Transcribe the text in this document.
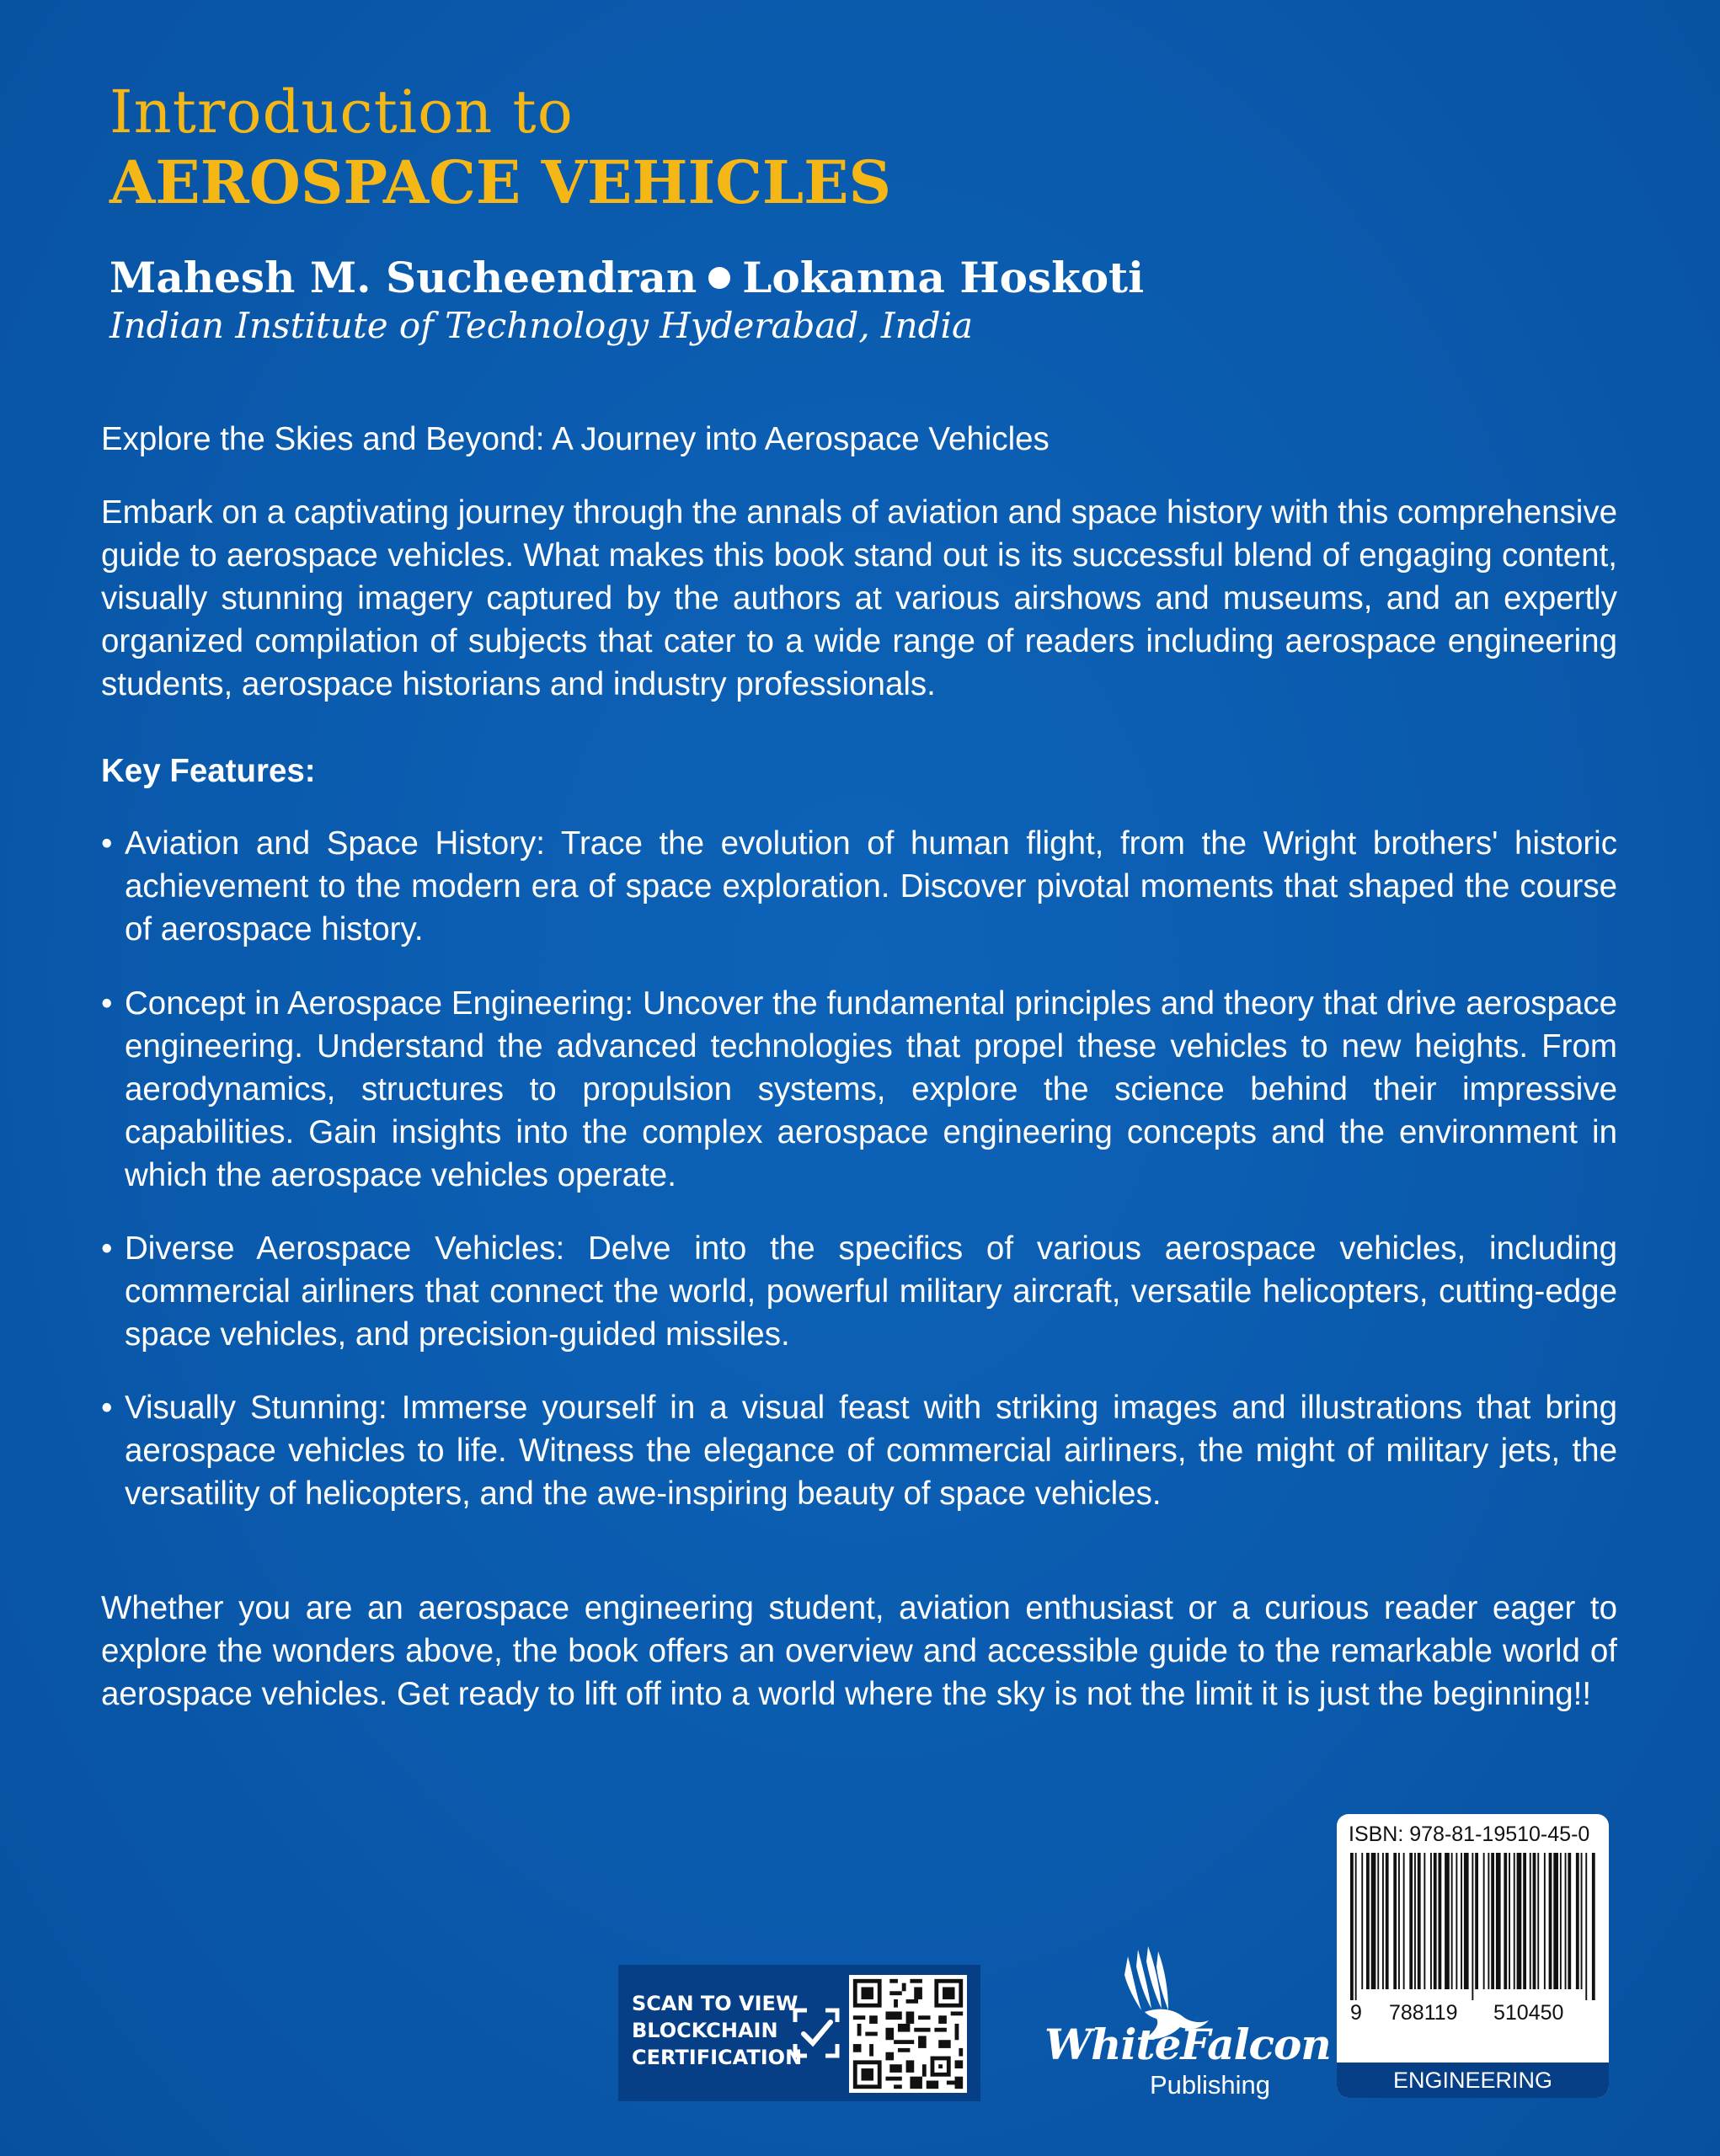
Introduction to
AEROSPACE VEHICLES
Mahesh M. Sucheendran Lokanna Hoskoti
Indian Institute of Technology Hyderabad, India
Explore the Skies and Beyond: A Journey into Aerospace Vehicles
Embark on a captivating journey through the annals of aviation and space history with this comprehensive guide to aerospace vehicles. What makes this book stand out is its successful blend of engaging content, visually stunning imagery captured by the authors at various airshows and museums, and an expertly organized compilation of subjects that cater to a wide range of readers including aerospace engineering students, aerospace historians and industry professionals.
Key Features:
• Aviation and Space History: Trace the evolution of human flight, from the Wright brothers' historic achievement to the modern era of space exploration. Discover pivotal moments that shaped the course of aerospace history.
• Concept in Aerospace Engineering: Uncover the fundamental principles and theory that drive aerospace engineering. Understand the advanced technologies that propel these vehicles to new heights. From aerodynamics, structures to propulsion systems, explore the science behind their impressive capabilities. Gain insights into the complex aerospace engineering concepts and the environment in which the aerospace vehicles operate.
• Diverse Aerospace Vehicles: Delve into the specifics of various aerospace vehicles, including commercial airliners that connect the world, powerful military aircraft, versatile helicopters, cutting-edge space vehicles, and precision-guided missiles.
• Visually Stunning: Immerse yourself in a visual feast with striking images and illustrations that bring aerospace vehicles to life. Witness the elegance of commercial airliners, the might of military jets, the versatility of helicopters, and the awe-inspiring beauty of space vehicles.
Whether you are an aerospace engineering student, aviation enthusiast or a curious reader eager to explore the wonders above, the book offers an overview and accessible guide to the remarkable world of aerospace vehicles. Get ready to lift off into a world where the sky is not the limit it is just the beginning!!
SCAN TO VIEW
BLOCKCHAIN
CERTIFICATION	WhiteFalcon
Publishing
ISBN: 978-81-19510-45-0
9 788119 510450
ENGINEERING
